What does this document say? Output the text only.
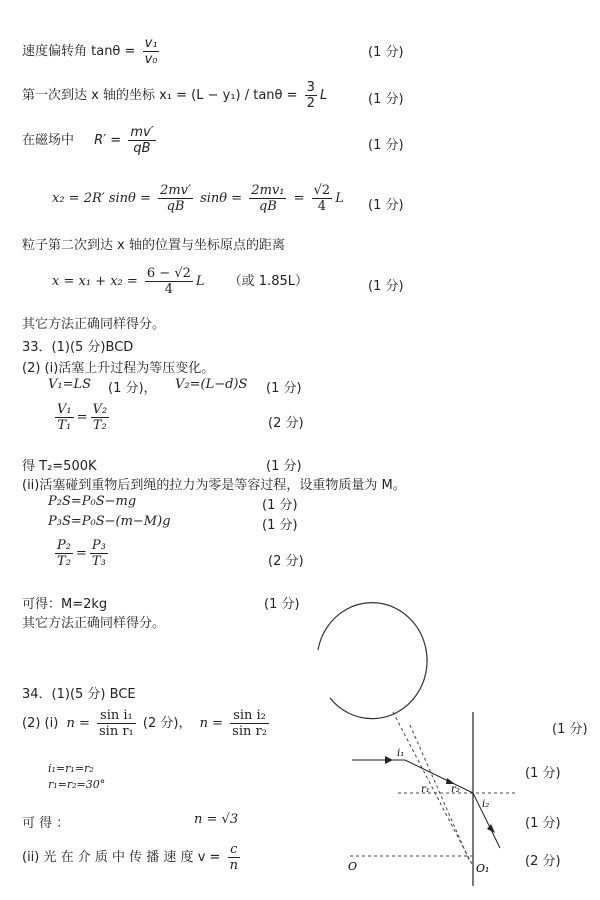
速度偏转角 $\tan\theta = \frac{\text{v₁}}{\text{v₀}}$	(1 分)
第一次到达 x 轴的坐标 $x_1 = (L - y_1) / \tan\theta = \frac{3}{2}$ L	(1 分)
在磁场中 $R' = \frac{mv'}{qB}$	(1 分)
x₂ = 2R′ $\sin\theta = \frac{2mv'}{qB}$ $\sin\theta = \frac{\text{2mv₁}}{qB} = \frac{√2}{4}$ L (1 分)
粒子第二次到达 x 轴的位置与坐标原点的距离
$x = x_1 + x_2 = \frac{6 - √2}{4}$ L （或 1.85L）	(1 分)
其它方法正确同样得分。
33．(1)(5 分)BCD
(2) (i)活塞上升过程为等压变化。
V₁=LS (1 分)， V₂=(L−d)S (1 分)
$\frac{\text{V₁}}{\text{T₁}} = \frac{\text{V₂}}{\text{T₂}}$	(2 分)
得 T₂=500K	(1 分)
(ii)活塞碰到重物后到绳的拉力为零是等容过程，设重物质量为 M。
P₂S=P₀S−mg	(1 分)
P₃S=P₀S−(m−M)g	(1 分)
$\frac{\text{P₂}}{\text{T₂}} = \frac{\text{P₃}}{\text{T₃}}$	(2 分)
可得：M=2kg	(1 分)
其它方法正确同样得分。
34．(1)(5 分) BCE
(2) (i) $n = \frac{\text{sin i₁}}{\text{sin r₁}} (2$ 分)， $n = \frac{\text{sin i₂}}{\text{sin r₂}}$	(1 分)
i₁=r₁=r₂
r₁=r₂=30°
(1 分)
可 得 ：	n = √3	(1 分)
(ii) 光 在 介 质 中 传 播 速 度 $v = \frac{c}{n}$	(2 分)
i₁
r₁ r₂
i₂
O	O₁
